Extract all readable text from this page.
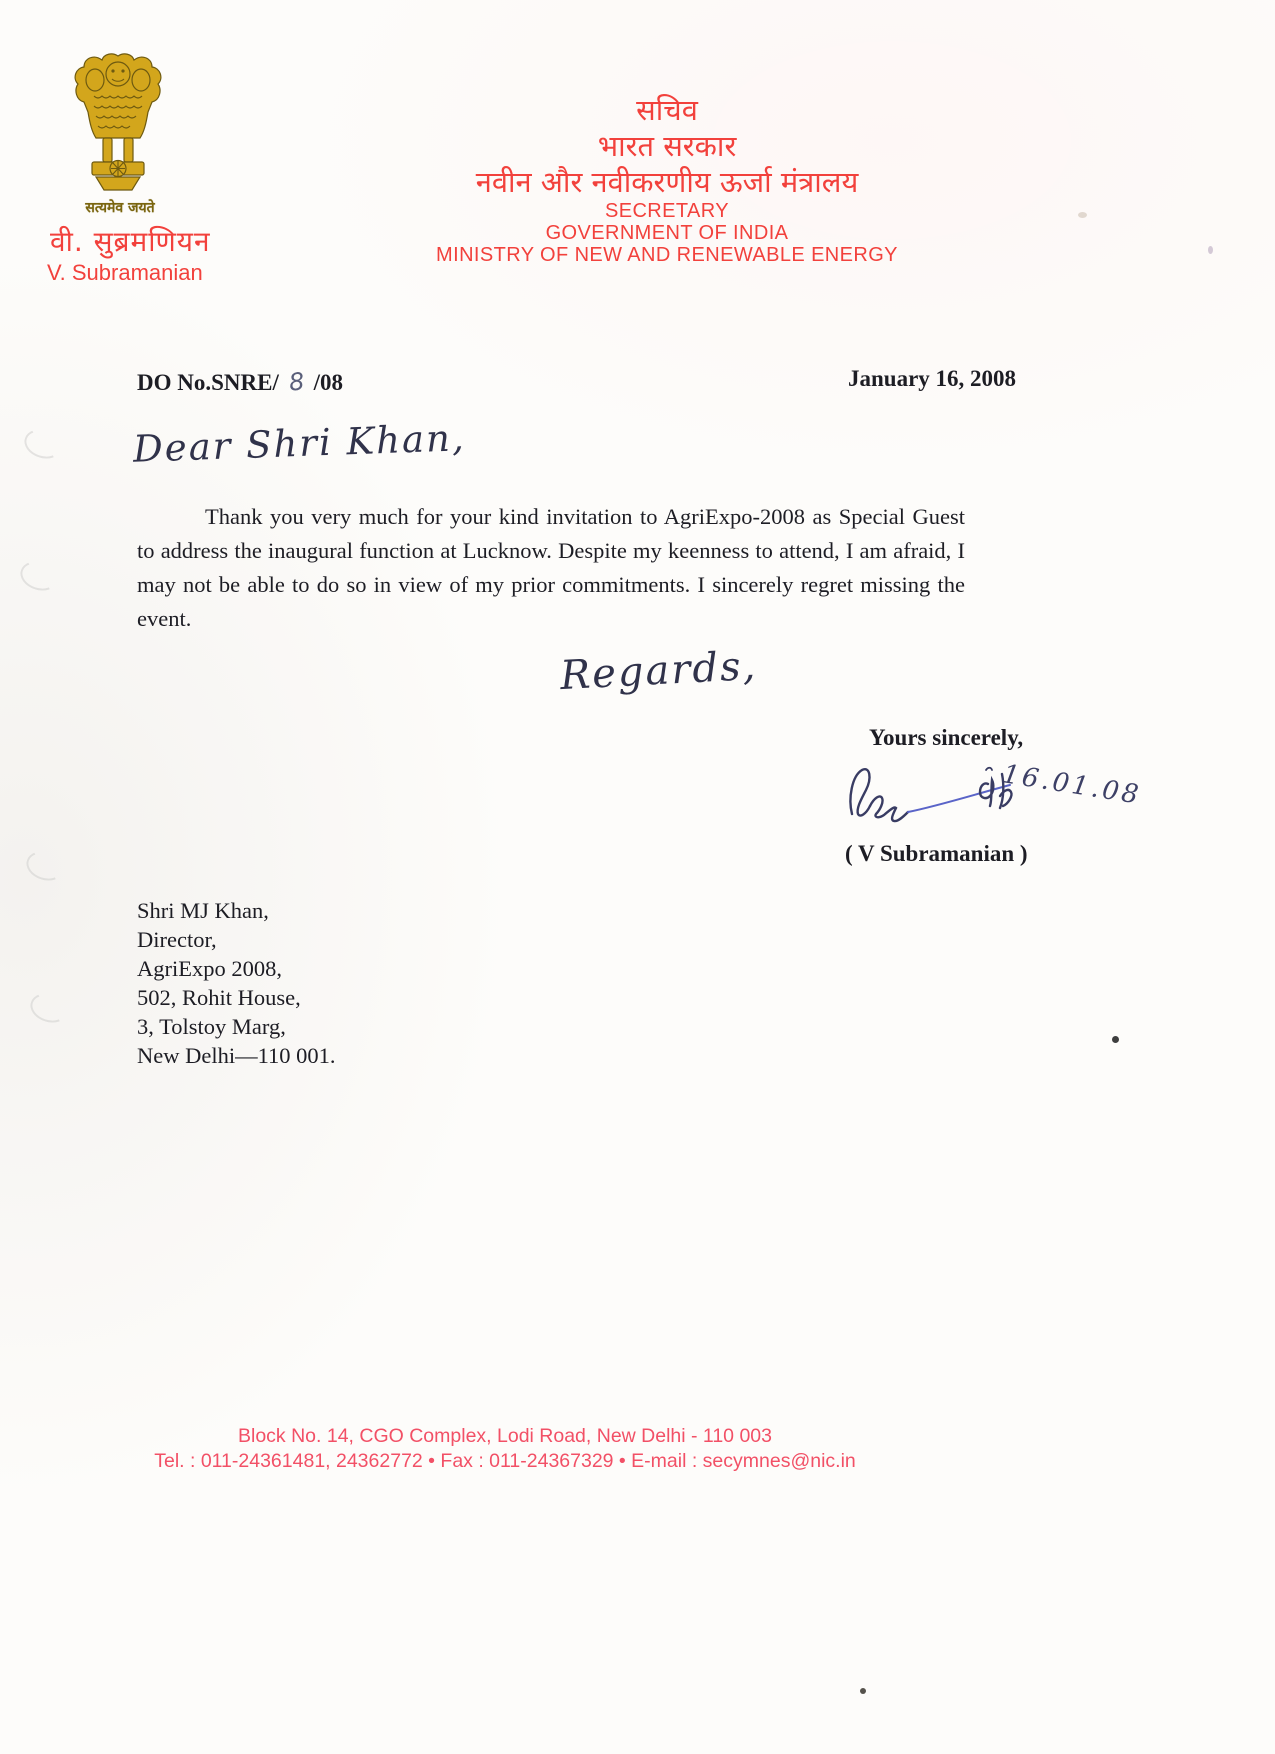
सत्यमेव जयते
वी. सुब्रमणियन
V. Subramanian
सचिव
भारत सरकार
नवीन और नवीकरणीय ऊर्जा मंत्रालय
SECRETARY
GOVERNMENT OF INDIA
MINISTRY OF NEW AND RENEWABLE ENERGY
DO No.SNRE/ 8 /08	January 16, 2008
Dear Shri Khan,

Thank you very much for your kind invitation to AgriExpo-2008 as Special Guest to address the inaugural function at Lucknow. Despite my keenness to attend, I am afraid, I may not be able to do so in view of my prior commitments. I sincerely regret missing the event.

Regards,
Yours sincerely,
16.01.08
( V Subramanian )
Shri MJ Khan,
Director,
AgriExpo 2008,
502, Rohit House,
3, Tolstoy Marg,
New Delhi—110 001.
Block No. 14, CGO Complex, Lodi Road, New Delhi - 110 003
Tel. : 011-24361481, 24362772 • Fax : 011-24367329 • E-mail : secymnes@nic.in
